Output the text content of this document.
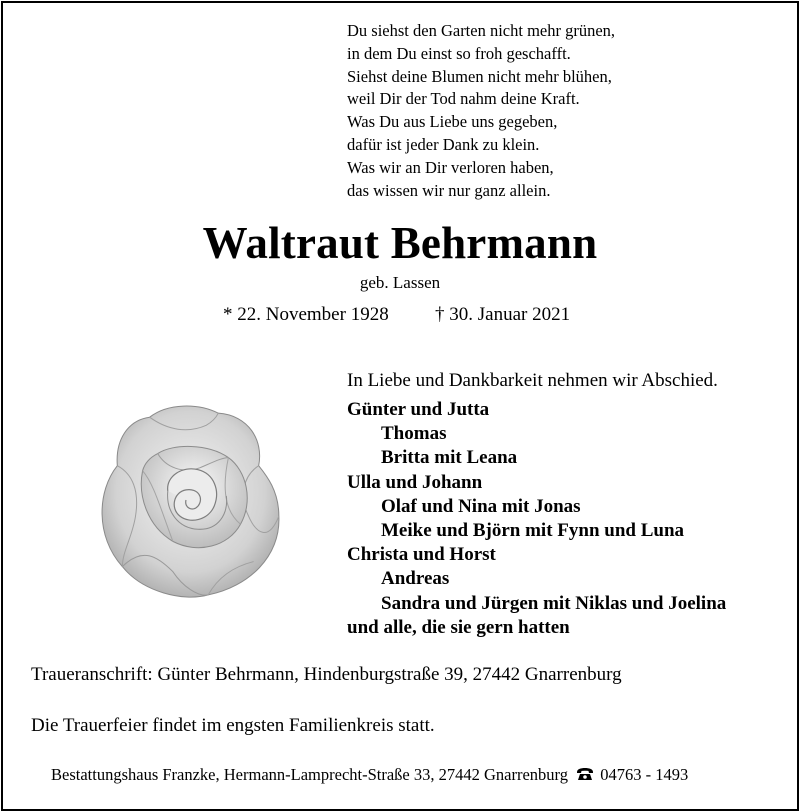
Du siehst den Garten nicht mehr grünen,
in dem Du einst so froh geschafft.
Siehst deine Blumen nicht mehr blühen,
weil Dir der Tod nahm deine Kraft.
Was Du aus Liebe uns gegeben,
dafür ist jeder Dank zu klein.
Was wir an Dir verloren haben,
das wissen wir nur ganz allein.
Waltraut Behrmann
geb. Lassen
* 22. November 1928 † 30. Januar 2021
In Liebe und Dankbarkeit nehmen wir Abschied.
Günter und Jutta
Thomas
Britta mit Leana
Ulla und Johann
Olaf und Nina mit Jonas
Meike und Björn mit Fynn und Luna
Christa und Horst
Andreas
Sandra und Jürgen mit Niklas und Joelina
und alle, die sie gern hatten
Traueranschrift: Günter Behrmann, Hindenburgstraße 39, 27442 Gnarrenburg
Die Trauerfeier findet im engsten Familienkreis statt.
Bestattungshaus Franzke, Hermann-Lamprecht-Straße 33, 27442 Gnarrenburg 04763 - 1493
